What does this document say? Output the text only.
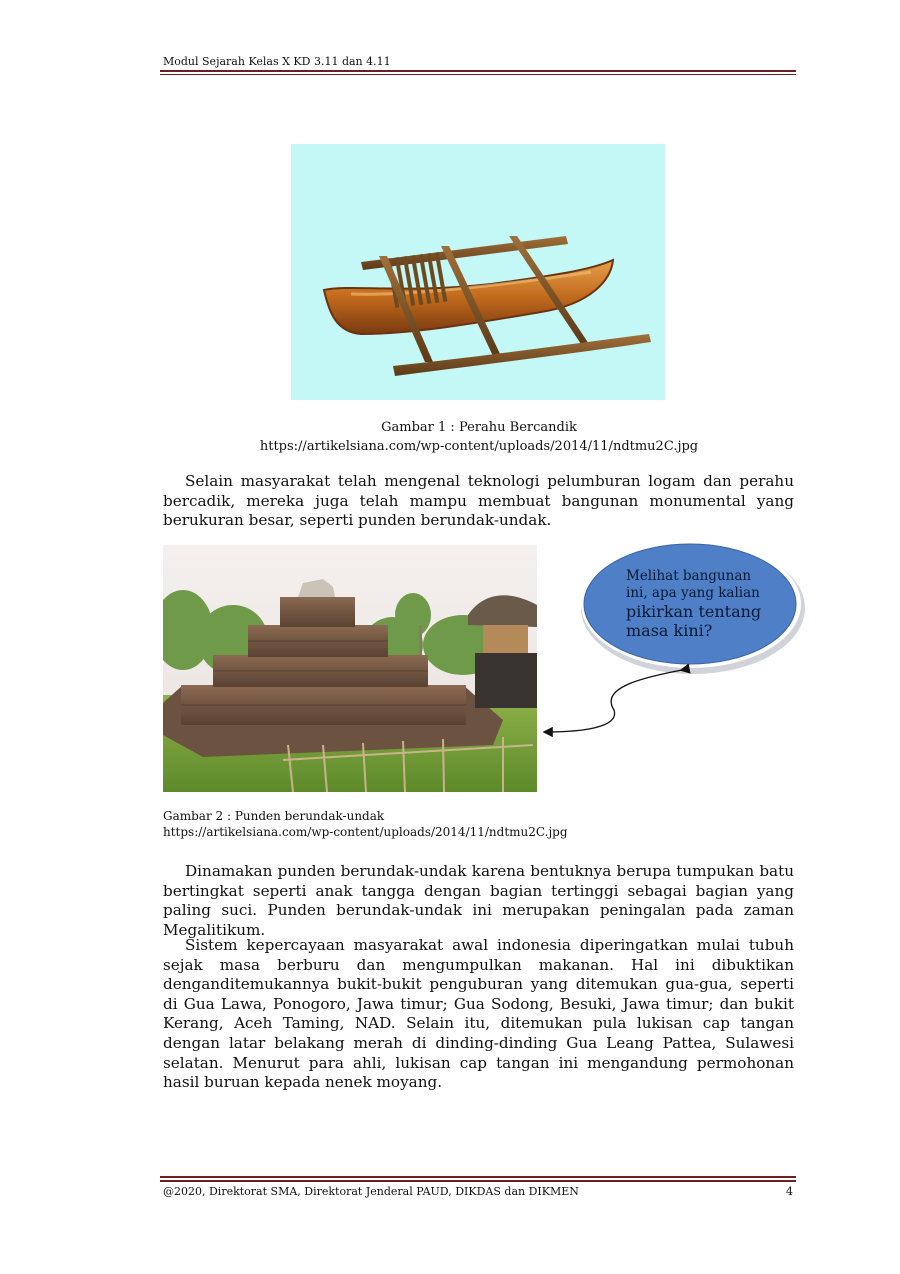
Modul Sejarah Kelas X KD 3.11 dan 4.11
Gambar 1 : Perahu Bercandik
https://artikelsiana.com/wp-content/uploads/2014/11/ndtmu2C.jpg

Selain masyarakat telah mengenal teknologi pelumburan logam dan perahu bercadik, mereka juga telah mampu membuat bangunan monumental yang berukuran besar, seperti punden berundak-undak.

Melihat bangunan
ini, apa yang kalian
pikirkan tentang
masa kini?
Gambar 2 : Punden berundak-undak
https://artikelsiana.com/wp-content/uploads/2014/11/ndtmu2C.jpg

Dinamakan punden berundak-undak karena bentuknya berupa tumpukan batu bertingkat seperti anak tangga dengan bagian tertinggi sebagai bagian yang paling suci. Punden berundak-undak ini merupakan peningalan pada zaman Megalitikum.

Sistem kepercayaan masyarakat awal indonesia diperingatkan mulai tubuh sejak masa berburu dan mengumpulkan makanan. Hal ini dibuktikan denganditemukannya bukit-bukit penguburan yang ditemukan gua-gua, seperti di Gua Lawa, Ponogoro, Jawa timur; Gua Sodong, Besuki, Jawa timur; dan bukit Kerang, Aceh Taming, NAD. Selain itu, ditemukan pula lukisan cap tangan dengan latar belakang merah di dinding-dinding Gua Leang Pattea, Sulawesi selatan. Menurut para ahli, lukisan cap tangan ini mengandung permohonan hasil buruan kepada nenek moyang.

@2020, Direktorat SMA, Direktorat Jenderal PAUD, DIKDAS dan DIKMEN	4
